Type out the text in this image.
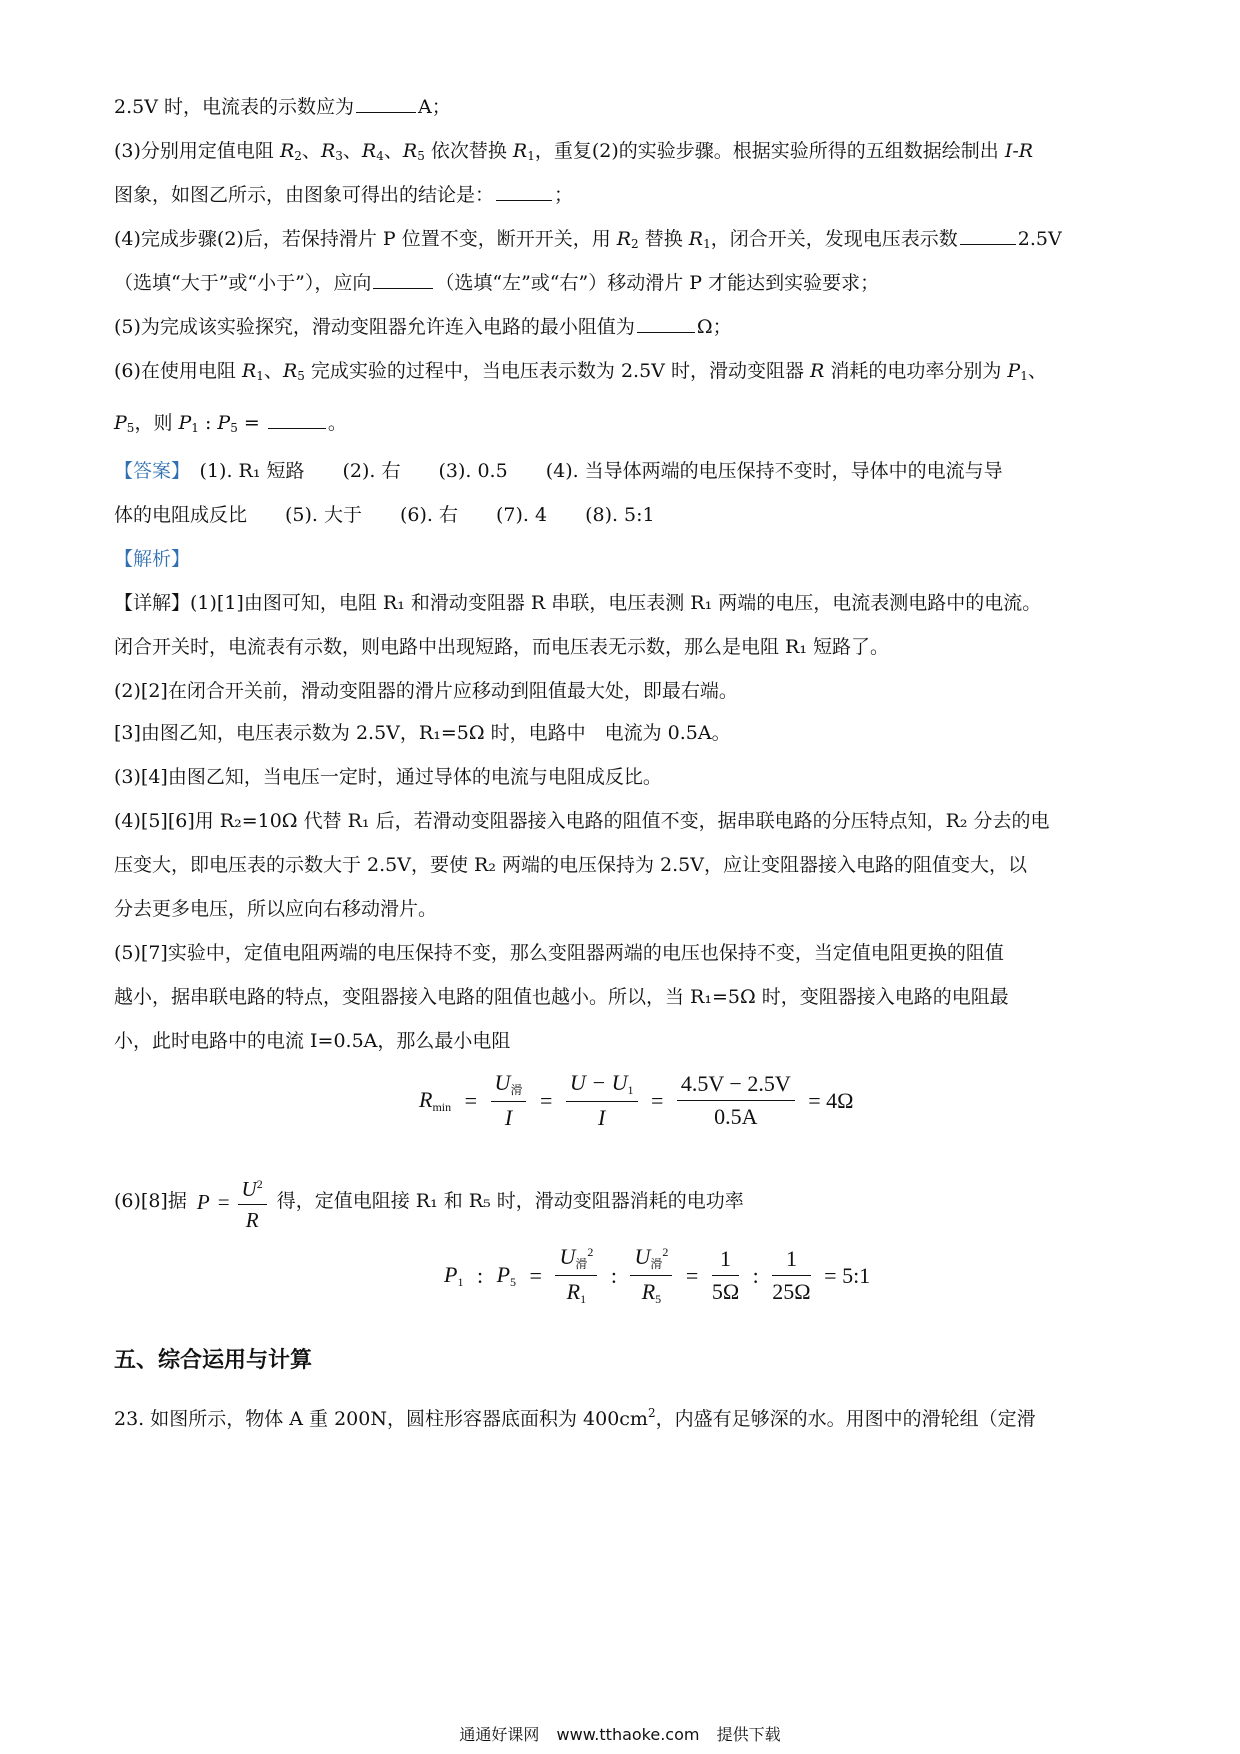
2.5V 时，电流表的示数应为	A；
(3)分别用定值电阻 $R_2$、$R_3$、$R_4$、$R_5$ 依次替换 $R_1$，重复(2)的实验步骤。根据实验所得的五组数据绘制出 I-R
图象，如图乙所示，由图象可得出的结论是：	；
(4)完成步骤(2)后，若保持滑片 P 位置不变，断开开关，用 $R_2$ 替换 $R_1$，闭合开关，发现电压表示数	2.5V
（选填“大于”或“小于”），应向	（选填“左”或“右”）移动滑片 P 才能达到实验要求；
(5)为完成该实验探究，滑动变阻器允许连入电路的最小阻值为	Ω；
(6)在使用电阻 $R_1$、$R_5$ 完成实验的过程中，当电压表示数为 2.5V 时，滑动变阻器 R 消耗的电功率分别为 $P_1$、
$P_5$，则 $P_1$ : $P_5$ =	。
【答案】　 (1). R₁ 短路　　(2). 右　　(3). 0.5　　(4). 当导体两端的电压保持不变时，导体中的电流与导
体的电阻成反比　　(5). 大于　　(6). 右　　(7). 4　　(8). 5:1
【解析】
【详解】(1)[1]由图可知，电阻 R₁ 和滑动变阻器 R 串联，电压表测 R₁ 两端的电压，电流表测电路中的电流。
闭合开关时，电流表有示数，则电路中出现短路，而电压表无示数，那么是电阻 R₁ 短路了。
(2)[2]在闭合开关前，滑动变阻器的滑片应移动到阻值最大处，即最右端。
[3]由图乙知，电压表示数为 2.5V，R₁=5Ω 时，电路中　电流为 0.5A。
(3)[4]由图乙知，当电压一定时，通过导体的电流与电阻成反比。
(4)[5][6]用 R₂=10Ω 代替 R₁ 后，若滑动变阻器接入电路的阻值不变，据串联电路的分压特点知，R₂ 分去的电
压变大，即电压表的示数大于 2.5V，要使 R₂ 两端的电压保持为 2.5V，应让变阻器接入电路的阻值变大，以
分去更多电压，所以应向右移动滑片。
(5)[7]实验中，定值电阻两端的电压保持不变，那么变阻器两端的电压也保持不变，当定值电阻更换的阻值
越小，据串联电路的特点，变阻器接入电路的阻值也越小。所以，当 R₁=5Ω 时，变阻器接入电路的电阻最
小，此时电路中的电流 I=0.5A，那么最小电阻
$Rmin = \frac{\text{U滑}}{I} = \frac{U - U1}{I} = \frac{4.5V - 2.5V}{0.5A} = 4\Omega$
(6)[8]据 $P = \frac{U^2}{R}$ 得，定值电阻接 R₁ 和 R₅ 时，滑动变阻器消耗的电功率
P1 : $P5 = \frac{U滑^2}{R1}$ : $\frac{U滑^2}{R5} = \frac{1}{5\Omega}$ : $\frac{1}{25\Omega}$ = 5:1
五、综合运用与计算
23. 如图所示，物体 A 重 200N，圆柱形容器底面积为 $400cm^2$，内盛有足够深的水。用图中的滑轮组（定滑
通通好课网 www.tthaoke.com 提供下载
